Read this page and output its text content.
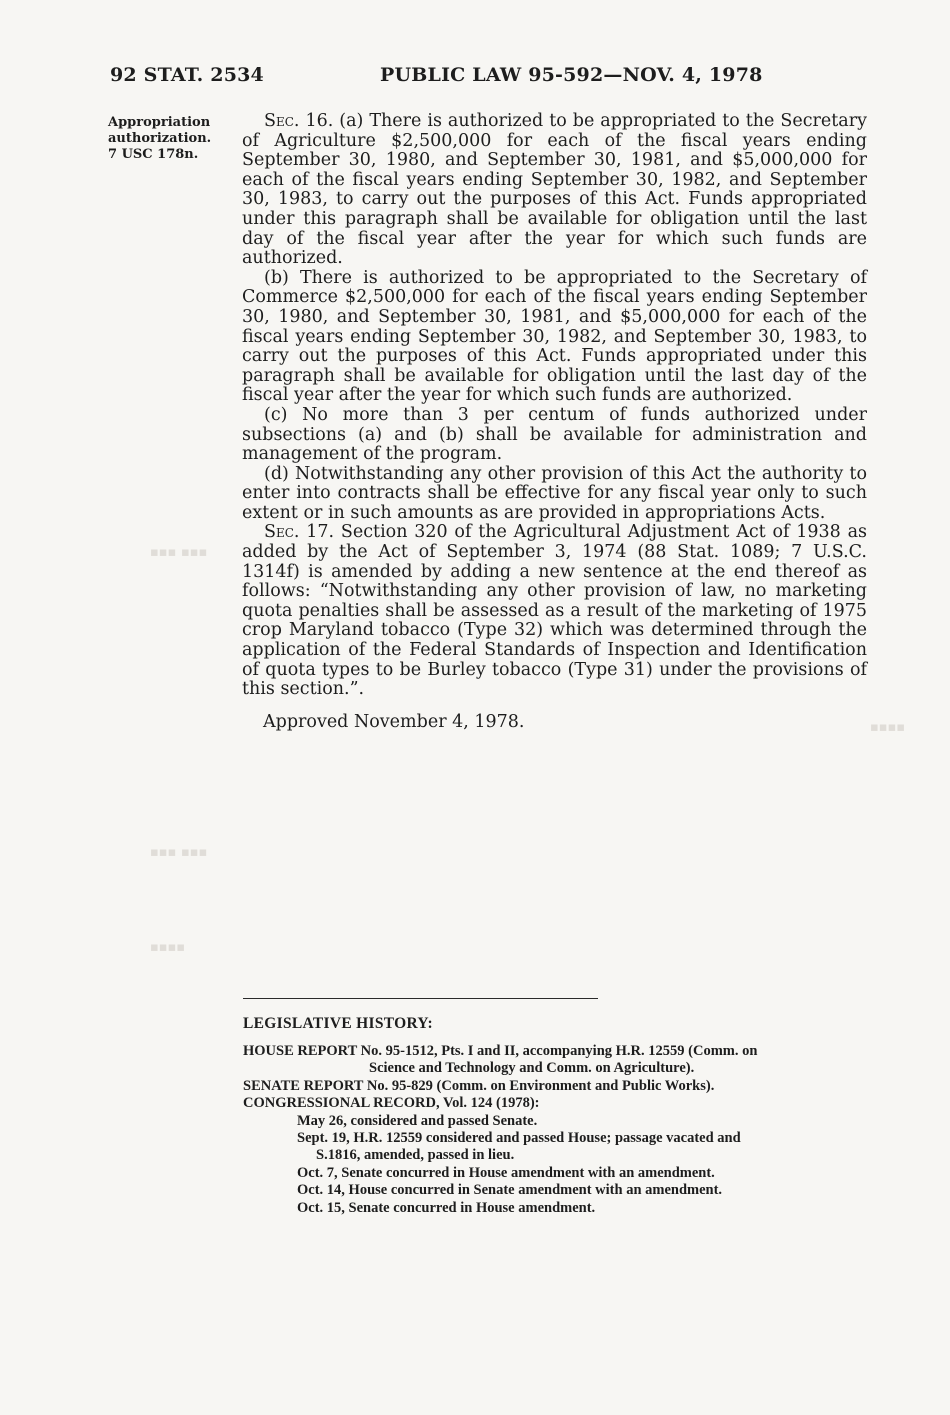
▪▪▪ ▪▪▪
▪▪▪▪
▪▪▪ ▪▪▪
▪▪▪▪
92 STAT. 2534	PUBLIC LAW 95-592—NOV. 4, 1978
Appropriation
authorization.
7 USC 178n.

Sec. 16. (a) There is authorized to be appropriated to the Secretary of Agriculture $2,500,000 for each of the fiscal years ending September 30, 1980, and September 30, 1981, and $5,000,000 for each of the fiscal years ending September 30, 1982, and September 30, 1983, to carry out the purposes of this Act. Funds appropriated under this paragraph shall be available for obligation until the last day of the fiscal year after the year for which such funds are authorized.

(b) There is authorized to be appropriated to the Secretary of Commerce $2,500,000 for each of the fiscal years ending September 30, 1980, and September 30, 1981, and $5,000,000 for each of the fiscal years ending September 30, 1982, and September 30, 1983, to carry out the purposes of this Act. Funds appropriated under this paragraph shall be available for obligation until the last day of the fiscal year after the year for which such funds are authorized.

(c) No more than 3 per centum of funds authorized under subsections (a) and (b) shall be available for administration and management of the program.

(d) Notwithstanding any other provision of this Act the authority to enter into contracts shall be effective for any fiscal year only to such extent or in such amounts as are provided in appropriations Acts.

Sec. 17. Section 320 of the Agricultural Adjustment Act of 1938 as added by the Act of September 3, 1974 (88 Stat. 1089; 7 U.S.C. 1314f) is amended by adding a new sentence at the end thereof as follows: “Notwithstanding any other provision of law, no marketing quota penalties shall be assessed as a result of the marketing of 1975 crop Maryland tobacco (Type 32) which was determined through the application of the Federal Standards of Inspection and Identification of quota types to be Burley tobacco (Type 31) under the provisions of this section.”.

Approved November 4, 1978.
LEGISLATIVE HISTORY:
HOUSE REPORT No. 95-1512, Pts. I and II, accompanying H.R. 12559 (Comm. on
Science and Technology and Comm. on Agriculture).
SENATE REPORT No. 95-829 (Comm. on Environment and Public Works).
CONGRESSIONAL RECORD, Vol. 124 (1978):
May 26, considered and passed Senate.
Sept. 19, H.R. 12559 considered and passed House; passage vacated and
S.1816, amended, passed in lieu.
Oct. 7, Senate concurred in House amendment with an amendment.
Oct. 14, House concurred in Senate amendment with an amendment.
Oct. 15, Senate concurred in House amendment.
